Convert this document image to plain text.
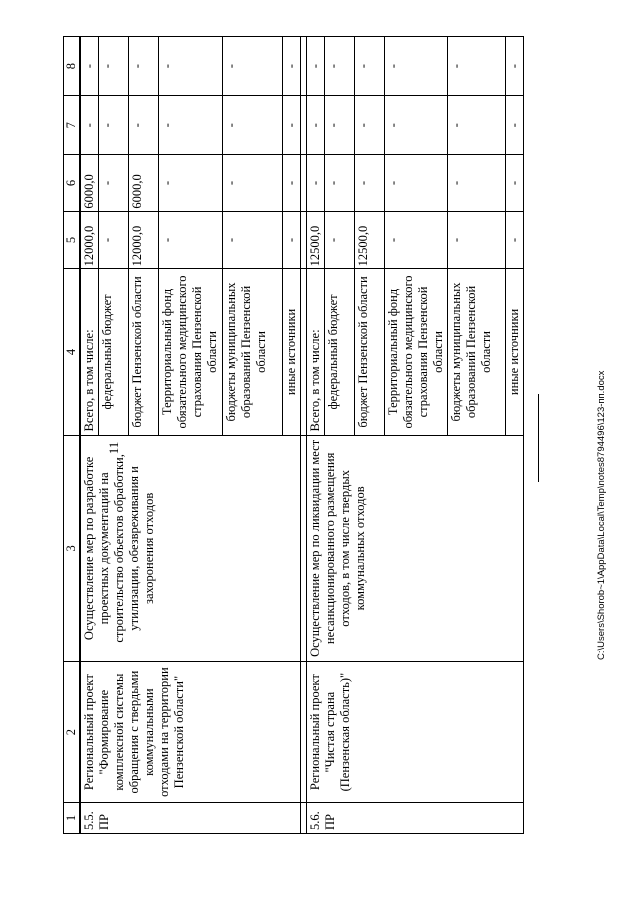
11	C:\Users\Shorob~1\AppData\Local\Temp\notes8794496\123-пп.docx
1	2	3	4	5	6	7	8
5.5.
ПР	Региональный проект "Формирование комплексной системы обращения с твердыми коммунальными отходами на территории Пензенской области"	Осуществление мер по разработке проектных документаций на строительство объектов обработки, утилизации, обезвреживания и захоронения отходов	Всего, в том числе:	12000,0	6000,0	-	-
			федеральный бюджет	-	-	-	-
			бюджет Пензенской области	12000,0	6000,0	-	-
			Территориальный фонд обязательного медицинского страхования Пензенской области	-	-	-	-
			бюджеты муниципальных образований Пензенской области	-	-	-	-
			иные источники	-	-	-	-

5.6.
ПР	Региональный проект "Чистая страна (Пензенская область)"	Осуществление мер по ликвидации мест несанкционированного размещения отходов, в том числе твердых коммунальных отходов	Всего, в том числе:	12500,0	-	-	-
			федеральный бюджет	-	-	-	-
			бюджет Пензенской области	12500,0	-	-	-
			Территориальный фонд обязательного медицинского страхования Пензенской области	-	-	-	-
			бюджеты муниципальных образований Пензенской области	-	-	-	-
			иные источники	-	-	-	-
